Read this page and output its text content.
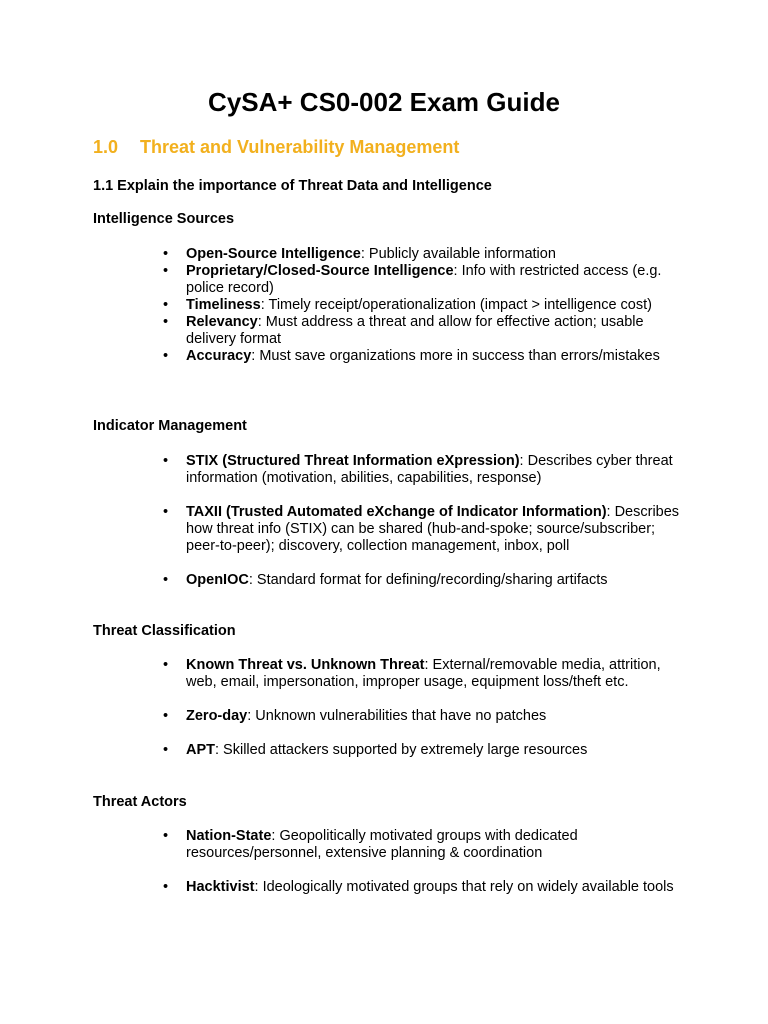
CySA+ CS0-002 Exam Guide
1.0 Threat and Vulnerability Management
1.1 Explain the importance of Threat Data and Intelligence
Intelligence Sources
•	Open-Source Intelligence: Publicly available information
•	Proprietary/Closed-Source Intelligence: Info with restricted access (e.g. police record)
•	Timeliness: Timely receipt/operationalization (impact > intelligence cost)
•	Relevancy: Must address a threat and allow for effective action; usable delivery format
•	Accuracy: Must save organizations more in success than errors/mistakes
Indicator Management
•	STIX (Structured Threat Information eXpression): Describes cyber threat information (motivation, abilities, capabilities, response)
•	TAXII (Trusted Automated eXchange of Indicator Information): Describes how threat info (STIX) can be shared (hub-and-spoke; source/subscriber; peer-to-peer); discovery, collection management, inbox, poll
•	OpenIOC: Standard format for defining/recording/sharing artifacts
Threat Classification
•	Known Threat vs. Unknown Threat: External/removable media, attrition, web, email, impersonation, improper usage, equipment loss/theft etc.
•	Zero-day: Unknown vulnerabilities that have no patches
•	APT: Skilled attackers supported by extremely large resources
Threat Actors
•	Nation-State: Geopolitically motivated groups with dedicated resources/personnel, extensive planning & coordination
•	Hacktivist: Ideologically motivated groups that rely on widely available tools
